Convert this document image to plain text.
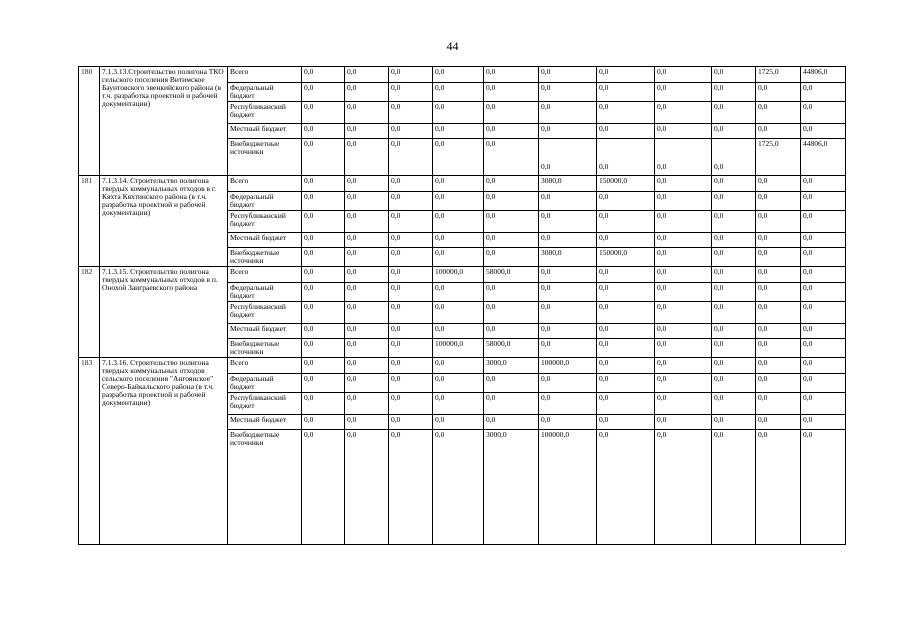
44
180	7.1.3.13.Строительство полигона ТКО сельского поселения Витимское Баунтовского эвенкийского района (в т.ч. разработка проектной и рабочей документации)	Всего	0,0	0,0	0,0	0,0	0,0	0,0	0,0	0,0	0,0	1725,0	44806,0
		Федеральный бюджет	0,0	0,0	0,0	0,0	0,0	0,0	0,0	0,0	0,0	0,0	0,0
		Республиканский бюджет	0,0	0,0	0,0	0,0	0,0	0,0	0,0	0,0	0,0	0,0	0,0
		Местный бюджет	0,0	0,0	0,0	0,0	0,0	0,0	0,0	0,0	0,0	0,0	0,0
		Внебюджетные источники	0,0	0,0	0,0	0,0	0,0	0,0	0,0	0,0	0,0	1725,0	44806,0
181	7.1.3.14. Строительство полигона твердых коммунальных отходов в г. Кяхта Кяхтинского района (в т.ч. разработка проектной и рабочей документации)	Всего	0,0	0,0	0,0	0,0	0,0	3000,0	150000,0	0,0	0,0	0,0	0,0
		Федеральный бюджет	0,0	0,0	0,0	0,0	0,0	0,0	0,0	0,0	0,0	0,0	0,0
		Республиканский бюджет	0,0	0,0	0,0	0,0	0,0	0,0	0,0	0,0	0,0	0,0	0,0
		Местный бюджет	0,0	0,0	0,0	0,0	0,0	0,0	0,0	0,0	0,0	0,0	0,0
		Внебюджетные источники	0,0	0,0	0,0	0,0	0,0	3000,0	150000,0	0,0	0,0	0,0	0,0
182	7.1.3.15. Строительство полигона твердых коммунальных отходов в п. Онохой Заиграевского района	Всего	0,0	0,0	0,0	100000,0	58000,0	0,0	0,0	0,0	0,0	0,0	0,0
		Федеральный бюджет	0,0	0,0	0,0	0,0	0,0	0,0	0,0	0,0	0,0	0,0	0,0
		Республиканский бюджет	0,0	0,0	0,0	0,0	0,0	0,0	0,0	0,0	0,0	0,0	0,0
		Местный бюджет	0,0	0,0	0,0	0,0	0,0	0,0	0,0	0,0	0,0	0,0	0,0
		Внебюджетные источники	0,0	0,0	0,0	100000,0	58000,0	0,0	0,0	0,0	0,0	0,0	0,0
183	7.1.3.16. Строительство полигона твердых коммунальных отходов сельского поселения "Ангоянское" Северо-Байкальского района (в т.ч. разработка проектной и рабочей документации)	Всего	0,0	0,0	0,0	0,0	3000,0	100000,0	0,0	0,0	0,0	0,0	0,0
		Федеральный бюджет	0,0	0,0	0,0	0,0	0,0	0,0	0,0	0,0	0,0	0,0	0,0
		Республиканский бюджет	0,0	0,0	0,0	0,0	0,0	0,0	0,0	0,0	0,0	0,0	0,0
		Местный бюджет	0,0	0,0	0,0	0,0	0,0	0,0	0,0	0,0	0,0	0,0	0,0
		Внебюджетные источники	0,0	0,0	0,0	0,0	3000,0	100000,0	0,0	0,0	0,0	0,0	0,0
